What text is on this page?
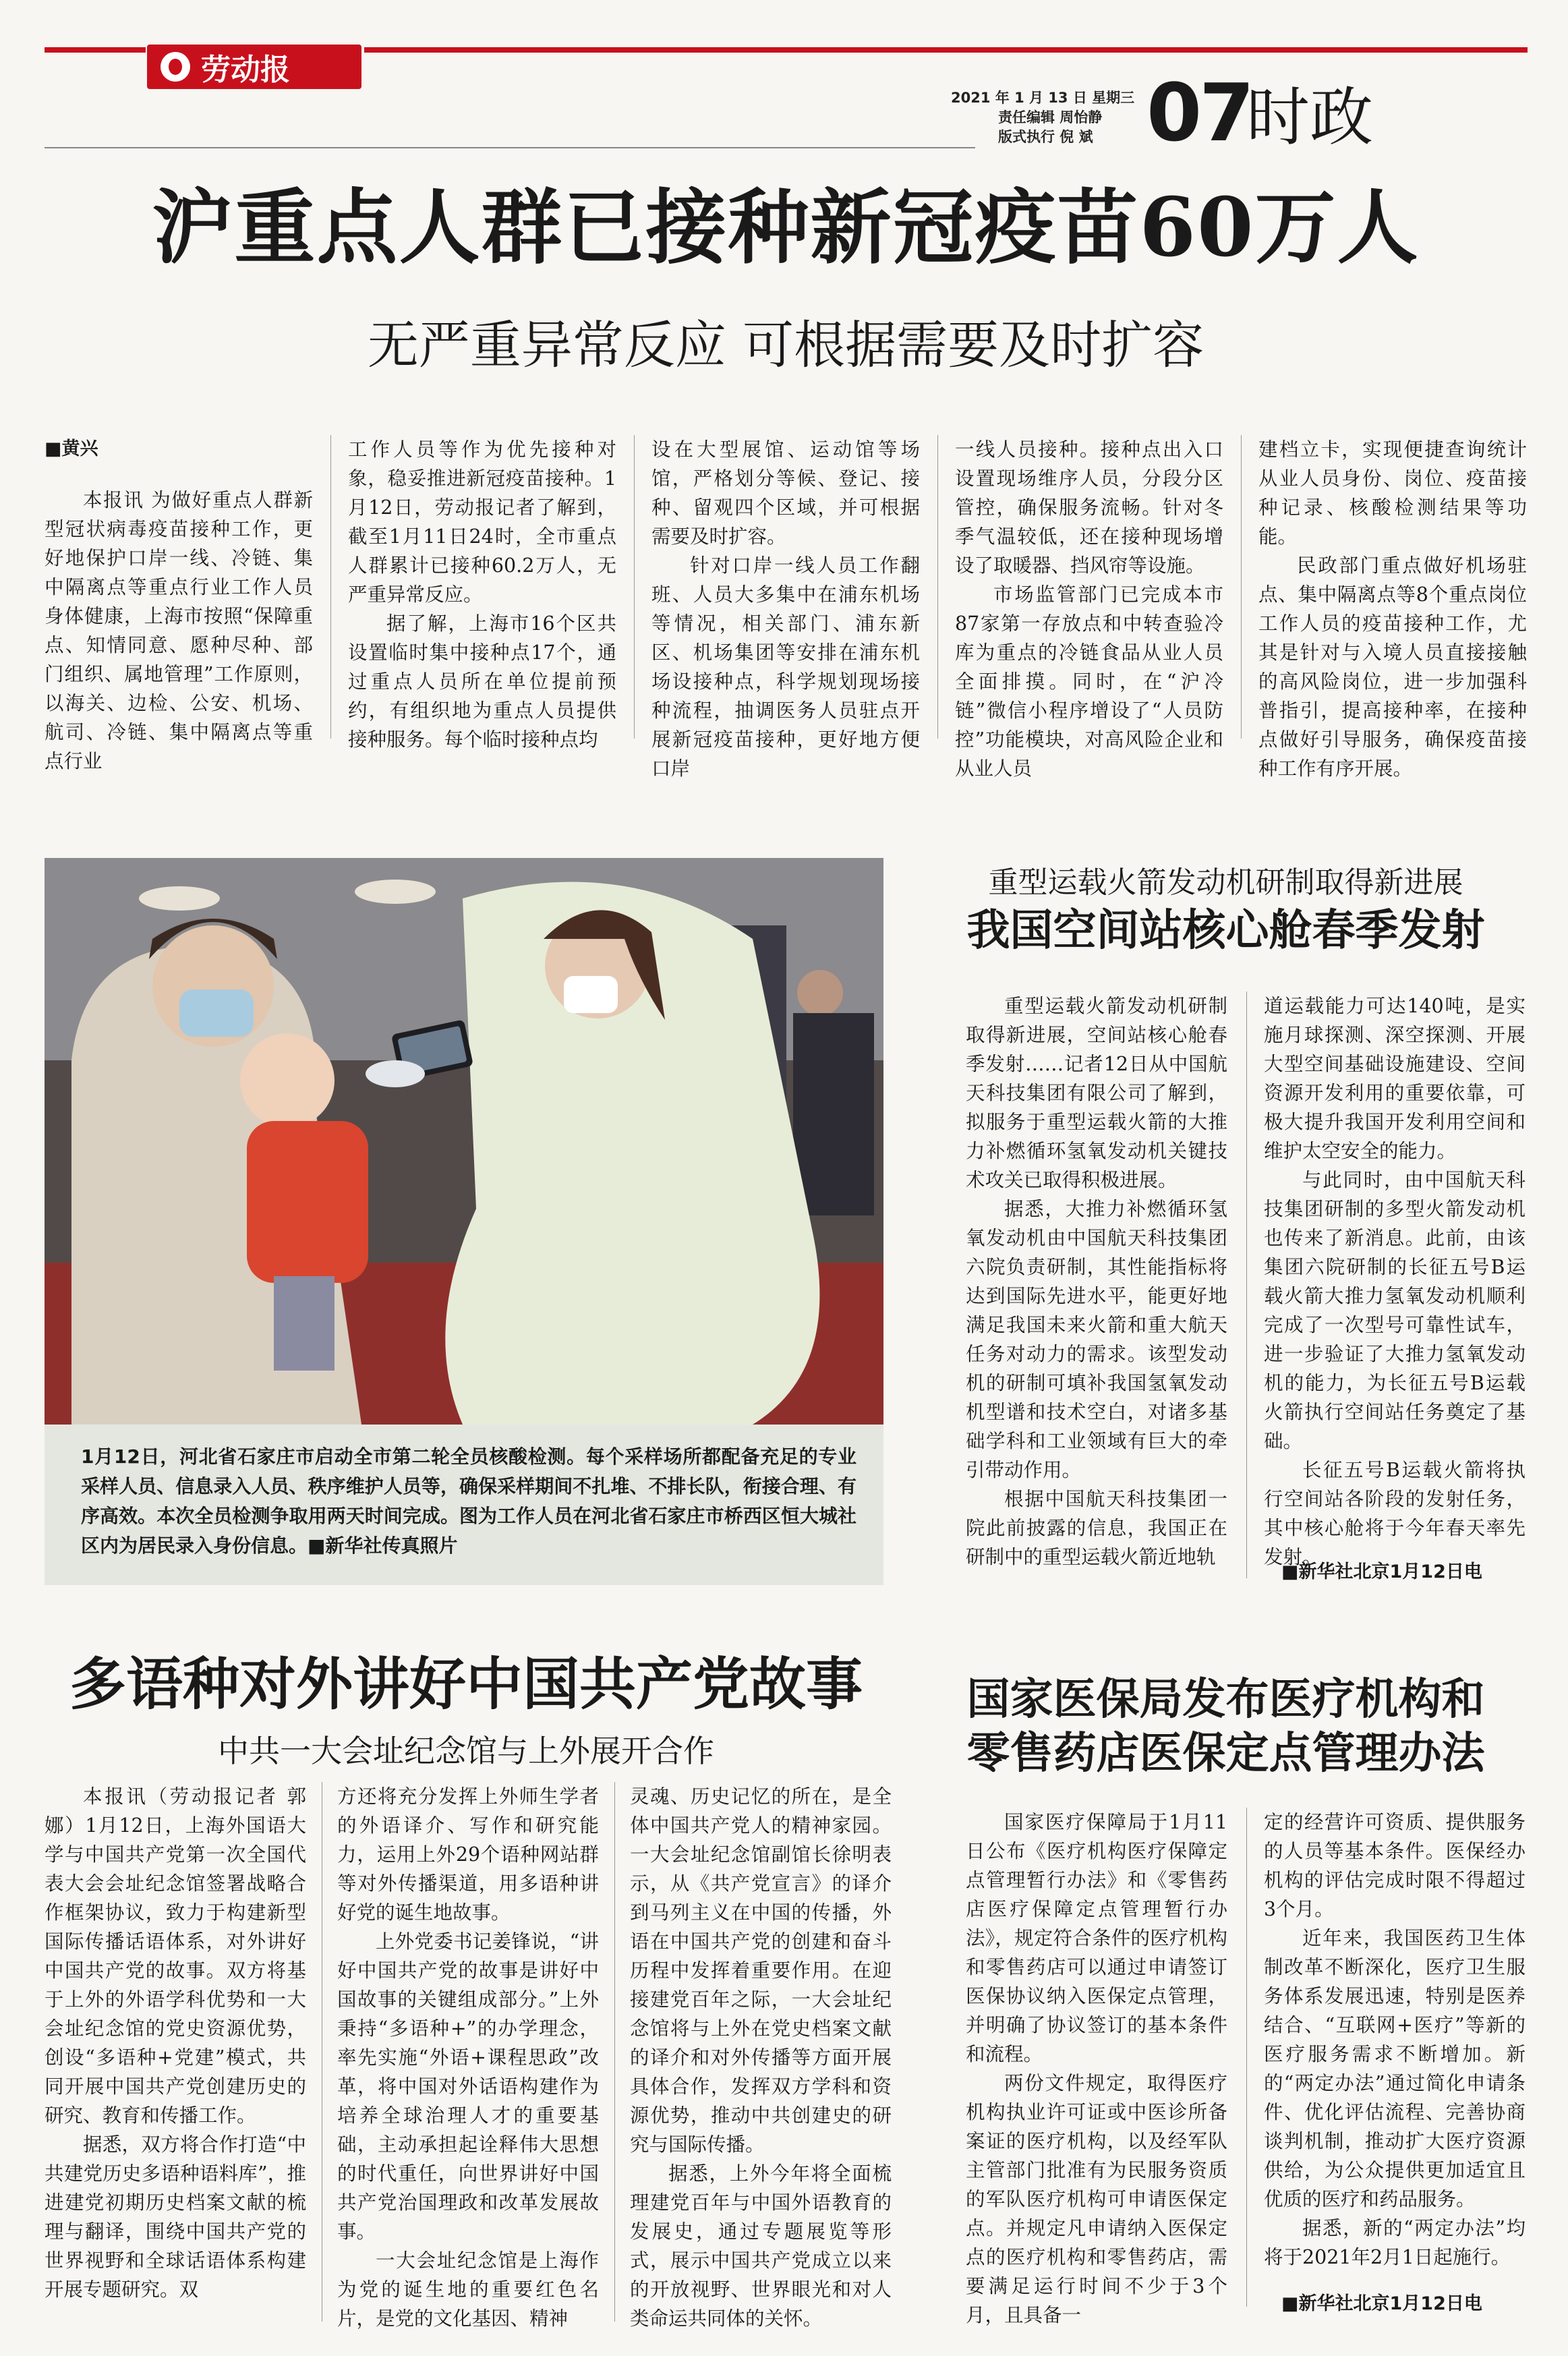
劳动报
2021 年 1 月 13 日 星期三
责任编辑 周怡静
版式执行 倪 斌 07
时政
沪重点人群已接种新冠疫苗60万人
无严重异常反应 可根据需要及时扩容
■黄兴

本报讯 为做好重点人群新型冠状病毒疫苗接种工作，更好地保护口岸一线、冷链、集中隔离点等重点行业工作人员身体健康，上海市按照“保障重点、知情同意、愿种尽种、部门组织、属地管理”工作原则，以海关、边检、公安、机场、航司、冷链、集中隔离点等重点行业

工作人员等作为优先接种对象，稳妥推进新冠疫苗接种。1月12日，劳动报记者了解到，截至1月11日24时，全市重点人群累计已接种60.2万人，无严重异常反应。

据了解，上海市16个区共设置临时集中接种点17个，通过重点人员所在单位提前预约，有组织地为重点人员提供接种服务。每个临时接种点均

设在大型展馆、运动馆等场馆，严格划分等候、登记、接种、留观四个区域，并可根据需要及时扩容。

针对口岸一线人员工作翻班、人员大多集中在浦东机场等情况，相关部门、浦东新区、机场集团等安排在浦东机场设接种点，科学规划现场接种流程，抽调医务人员驻点开展新冠疫苗接种，更好地方便口岸

一线人员接种。接种点出入口设置现场维序人员，分段分区管控，确保服务流畅。针对冬季气温较低，还在接种现场增设了取暖器、挡风帘等设施。

市场监管部门已完成本市87家第一存放点和中转查验冷库为重点的冷链食品从业人员全面排摸。同时，在“沪冷链”微信小程序增设了“人员防控”功能模块，对高风险企业和从业人员

建档立卡，实现便捷查询统计从业人员身份、岗位、疫苗接种记录、核酸检测结果等功能。

民政部门重点做好机场驻点、集中隔离点等8个重点岗位工作人员的疫苗接种工作，尤其是针对与入境人员直接接触的高风险岗位，进一步加强科普指引，提高接种率，在接种点做好引导服务，确保疫苗接种工作有序开展。

1月12日，河北省石家庄市启动全市第二轮全员核酸检测。每个采样场所都配备充足的专业采样人员、信息录入人员、秩序维护人员等，确保采样期间不扎堆、不排长队，衔接合理、有序高效。本次全员检测争取用两天时间完成。图为工作人员在河北省石家庄市桥西区恒大城社区内为居民录入身份信息。■新华社传真照片
重型运载火箭发动机研制取得新进展
我国空间站核心舱春季发射

重型运载火箭发动机研制取得新进展，空间站核心舱春季发射……记者12日从中国航天科技集团有限公司了解到，拟服务于重型运载火箭的大推力补燃循环氢氧发动机关键技术攻关已取得积极进展。

据悉，大推力补燃循环氢氧发动机由中国航天科技集团六院负责研制，其性能指标将达到国际先进水平，能更好地满足我国未来火箭和重大航天任务对动力的需求。该型发动机的研制可填补我国氢氧发动机型谱和技术空白，对诸多基础学科和工业领域有巨大的牵引带动作用。

根据中国航天科技集团一院此前披露的信息，我国正在研制中的重型运载火箭近地轨

道运载能力可达140吨，是实施月球探测、深空探测、开展大型空间基础设施建设、空间资源开发利用的重要依靠，可极大提升我国开发利用空间和维护太空安全的能力。

与此同时，由中国航天科技集团研制的多型火箭发动机也传来了新消息。此前，由该集团六院研制的长征五号B运载火箭大推力氢氧发动机顺利完成了一次型号可靠性试车，进一步验证了大推力氢氧发动机的能力，为长征五号B运载火箭执行空间站任务奠定了基础。

长征五号B运载火箭将执行空间站各阶段的发射任务，其中核心舱将于今年春天率先发射。

■新华社北京1月12日电
多语种对外讲好中国共产党故事
中共一大会址纪念馆与上外展开合作

本报讯（劳动报记者 郭娜）1月12日，上海外国语大学与中国共产党第一次全国代表大会会址纪念馆签署战略合作框架协议，致力于构建新型国际传播话语体系，对外讲好中国共产党的故事。双方将基于上外的外语学科优势和一大会址纪念馆的党史资源优势，创设“多语种+党建”模式，共同开展中国共产党创建历史的研究、教育和传播工作。

据悉，双方将合作打造“中共建党历史多语种语料库”，推进建党初期历史档案文献的梳理与翻译，围绕中国共产党的世界视野和全球话语体系构建开展专题研究。双

方还将充分发挥上外师生学者的外语译介、写作和研究能力，运用上外29个语种网站群等对外传播渠道，用多语种讲好党的诞生地故事。

上外党委书记姜锋说，“讲好中国共产党的故事是讲好中国故事的关键组成部分。”上外秉持“多语种+”的办学理念，率先实施“外语+课程思政”改革，将中国对外话语构建作为培养全球治理人才的重要基础，主动承担起诠释伟大思想的时代重任，向世界讲好中国共产党治国理政和改革发展故事。

一大会址纪念馆是上海作为党的诞生地的重要红色名片，是党的文化基因、精神

灵魂、历史记忆的所在，是全体中国共产党人的精神家园。一大会址纪念馆副馆长徐明表示，从《共产党宣言》的译介到马列主义在中国的传播，外语在中国共产党的创建和奋斗历程中发挥着重要作用。在迎接建党百年之际，一大会址纪念馆将与上外在党史档案文献的译介和对外传播等方面开展具体合作，发挥双方学科和资源优势，推动中共创建史的研究与国际传播。

据悉，上外今年将全面梳理建党百年与中国外语教育的发展史，通过专题展览等形式，展示中国共产党成立以来的开放视野、世界眼光和对人类命运共同体的关怀。

国家医保局发布医疗机构和
零售药店医保定点管理办法

国家医疗保障局于1月11日公布《医疗机构医疗保障定点管理暂行办法》和《零售药店医疗保障定点管理暂行办法》，规定符合条件的医疗机构和零售药店可以通过申请签订医保协议纳入医保定点管理，并明确了协议签订的基本条件和流程。

两份文件规定，取得医疗机构执业许可证或中医诊所备案证的医疗机构，以及经军队主管部门批准有为民服务资质的军队医疗机构可申请医保定点。并规定凡申请纳入医保定点的医疗机构和零售药店，需要满足运行时间不少于3个月，且具备一

定的经营许可资质、提供服务的人员等基本条件。医保经办机构的评估完成时限不得超过3个月。

近年来，我国医药卫生体制改革不断深化，医疗卫生服务体系发展迅速，特别是医养结合、“互联网+医疗”等新的医疗服务需求不断增加。新的“两定办法”通过简化申请条件、优化评估流程、完善协商谈判机制，推动扩大医疗资源供给，为公众提供更加适宜且优质的医疗和药品服务。

据悉，新的“两定办法”均将于2021年2月1日起施行。

■新华社北京1月12日电
